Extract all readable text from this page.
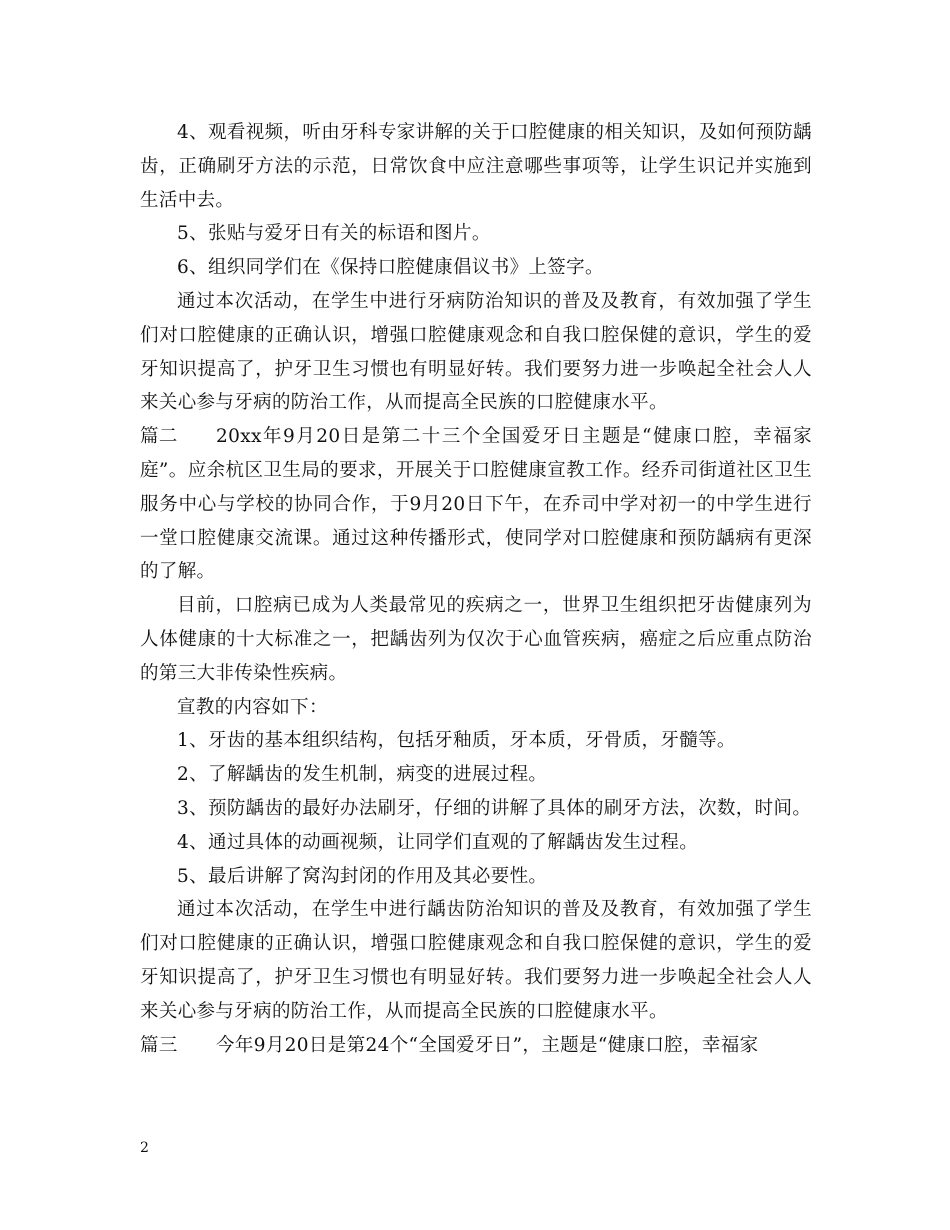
4、观看视频，听由牙科专家讲解的关于口腔健康的相关知识，及如何预防龋齿，正确刷牙方法的示范，日常饮食中应注意哪些事项等，让学生识记并实施到生活中去。

5、张贴与爱牙日有关的标语和图片。

6、组织同学们在《保持口腔健康倡议书》上签字。

通过本次活动，在学生中进行牙病防治知识的普及及教育，有效加强了学生们对口腔健康的正确认识，增强口腔健康观念和自我口腔保健的意识，学生的爱牙知识提高了，护牙卫生习惯也有明显好转。我们要努力进一步唤起全社会人人来关心参与牙病的防治工作，从而提高全民族的口腔健康水平。

篇二 20xx年9月20日是第二十三个全国爱牙日主题是“健康口腔，幸福家庭”。应余杭区卫生局的要求，开展关于口腔健康宣教工作。经乔司街道社区卫生服务中心与学校的协同合作，于9月20日下午，在乔司中学对初一的中学生进行一堂口腔健康交流课。通过这种传播形式，使同学对口腔健康和预防龋病有更深的了解。

目前，口腔病已成为人类最常见的疾病之一，世界卫生组织把牙齿健康列为人体健康的十大标准之一，把龋齿列为仅次于心血管疾病，癌症之后应重点防治的第三大非传染性疾病。

宣教的内容如下：

1、牙齿的基本组织结构，包括牙釉质，牙本质，牙骨质，牙髓等。

2、了解龋齿的发生机制，病变的进展过程。

3、预防龋齿的最好办法刷牙，仔细的讲解了具体的刷牙方法，次数，时间。

4、通过具体的动画视频，让同学们直观的了解龋齿发生过程。

5、最后讲解了窝沟封闭的作用及其必要性。

通过本次活动，在学生中进行龋齿防治知识的普及及教育，有效加强了学生们对口腔健康的正确认识，增强口腔健康观念和自我口腔保健的意识，学生的爱牙知识提高了，护牙卫生习惯也有明显好转。我们要努力进一步唤起全社会人人来关心参与牙病的防治工作，从而提高全民族的口腔健康水平。

篇三 今年9月20日是第24个“全国爱牙日”，主题是“健康口腔，幸福家

2
